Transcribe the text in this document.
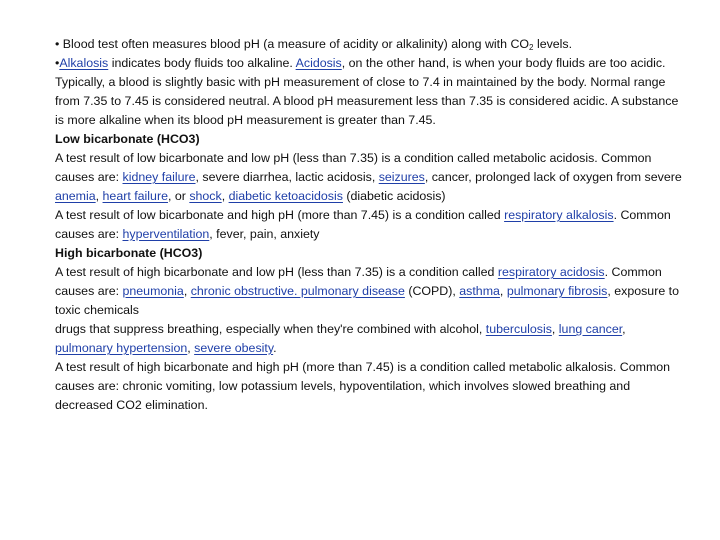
• Blood test often measures blood pH (a measure of acidity or alkalinity) along with $CO_2$ levels.

•Alkalosis indicates body fluids too alkaline. Acidosis, on the other hand, is when your body fluids are too acidic.

Typically, a blood is slightly basic with pH measurement of close to 7.4 in maintained by the body. Normal range from 7.35 to 7.45 is considered neutral. A blood pH measurement less than 7.35 is considered acidic. A substance is more alkaline when its blood pH measurement is greater than 7.45.

Low bicarbonate (HCO3)

A test result of low bicarbonate and low pH (less than 7.35) is a condition called metabolic acidosis. Common causes are: kidney failure, severe diarrhea, lactic acidosis, seizures, cancer, prolonged lack of oxygen from severe anemia, heart failure, or shock, diabetic ketoacidosis (diabetic acidosis)

A test result of low bicarbonate and high pH (more than 7.45) is a condition called respiratory alkalosis. Common causes are: hyperventilation, fever, pain, anxiety

High bicarbonate (HCO3)

A test result of high bicarbonate and low pH (less than 7.35) is a condition called respiratory acidosis. Common causes are: pneumonia, chronic obstructive. pulmonary disease (COPD), asthma, pulmonary fibrosis, exposure to toxic chemicals

drugs that suppress breathing, especially when they're combined with alcohol, tuberculosis, lung cancer, pulmonary hypertension, severe obesity.

A test result of high bicarbonate and high pH (more than 7.45) is a condition called metabolic alkalosis. Common causes are: chronic vomiting, low potassium levels, hypoventilation, which involves slowed breathing and decreased CO2 elimination.
